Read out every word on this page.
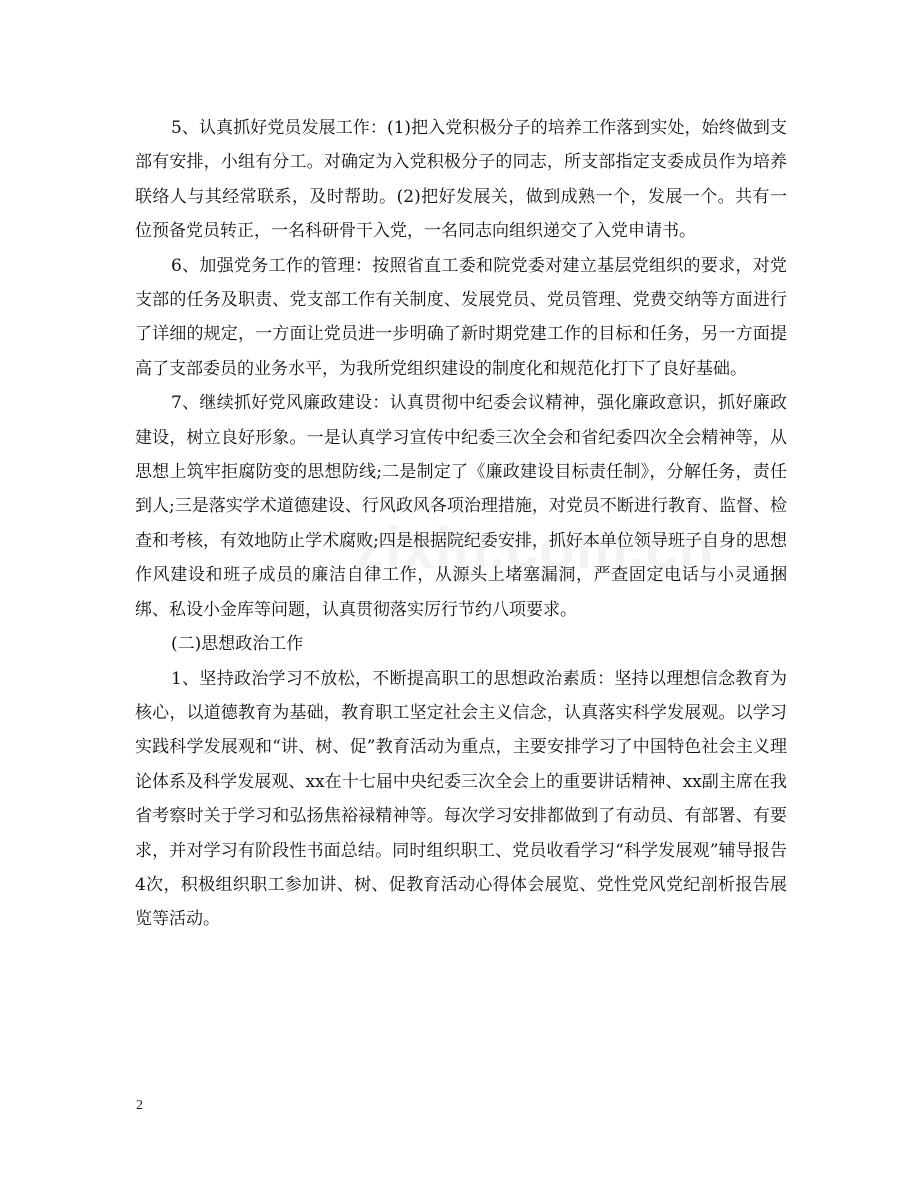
5、认真抓好党员发展工作：(1)把入党积极分子的培养工作落到实处，始终做到支部有安排，小组有分工。对确定为入党积极分子的同志，所支部指定支委成员作为培养联络人与其经常联系，及时帮助。(2)把好发展关，做到成熟一个，发展一个。共有一位预备党员转正，一名科研骨干入党，一名同志向组织递交了入党申请书。

6、加强党务工作的管理：按照省直工委和院党委对建立基层党组织的要求，对党支部的任务及职责、党支部工作有关制度、发展党员、党员管理、党费交纳等方面进行了详细的规定，一方面让党员进一步明确了新时期党建工作的目标和任务，另一方面提高了支部委员的业务水平，为我所党组织建设的制度化和规范化打下了良好基础。

7、继续抓好党风廉政建设：认真贯彻中纪委会议精神，强化廉政意识，抓好廉政建设，树立良好形象。一是认真学习宣传中纪委三次全会和省纪委四次全会精神等，从思想上筑牢拒腐防变的思想防线;二是制定了《廉政建设目标责任制》，分解任务，责任到人;三是落实学术道德建设、行风政风各项治理措施，对党员不断进行教育、监督、检查和考核，有效地防止学术腐败;四是根据院纪委安排，抓好本单位领导班子自身的思想作风建设和班子成员的廉洁自律工作，从源头上堵塞漏洞，严查固定电话与小灵通捆绑、私设小金库等问题，认真贯彻落实厉行节约八项要求。

(二)思想政治工作

1、坚持政治学习不放松，不断提高职工的思想政治素质：坚持以理想信念教育为核心，以道德教育为基础，教育职工坚定社会主义信念，认真落实科学发展观。以学习实践科学发展观和“讲、树、促”教育活动为重点，主要安排学习了中国特色社会主义理论体系及科学发展观、xx在十七届中央纪委三次全会上的重要讲话精神、xx副主席在我省考察时关于学习和弘扬焦裕禄精神等。每次学习安排都做到了有动员、有部署、有要求，并对学习有阶段性书面总结。同时组织职工、党员收看学习“科学发展观”辅导报告4次，积极组织职工参加讲、树、促教育活动心得体会展览、党性党风党纪剖析报告展览等活动。

2
